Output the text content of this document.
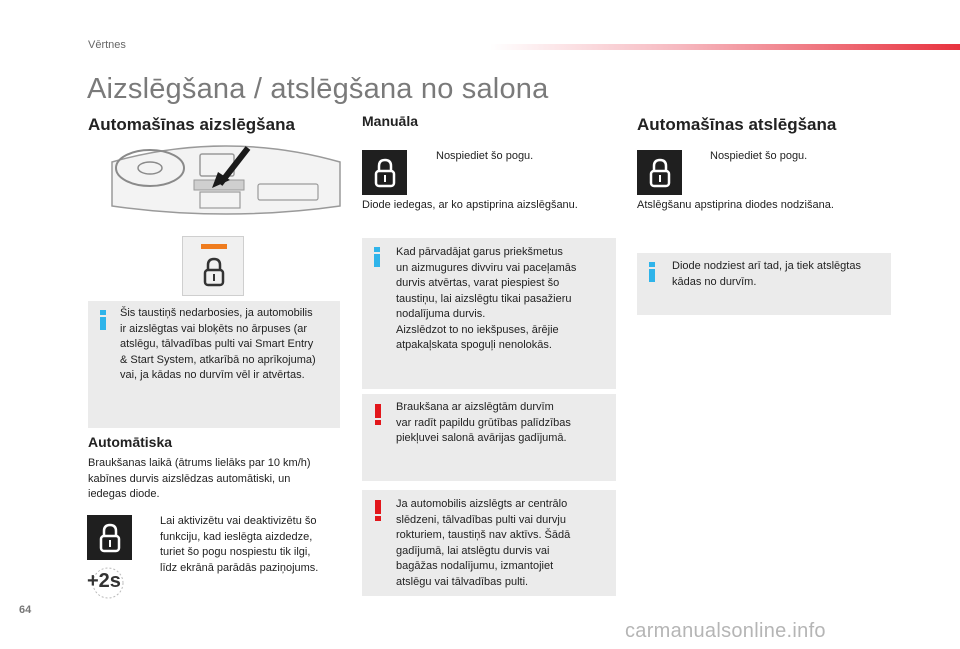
Vērtnes
Aizslēgšana / atslēgšana no salona
Automašīnas aizslēgšana
Šis taustiņš nedarbosies, ja automobilis
ir aizslēgtas vai bloķēts no ārpuses (ar
atslēgu, tālvadības pulti vai Smart Entry
& Start System, atkarībā no aprīkojuma)
vai, ja kādas no durvīm vēl ir atvērtas.
Automātiska
Braukšanas laikā (ātrums lielāks par 10 km/h)
kabīnes durvis aizslēdzas automātiski, un
iedegas diode.
Lai aktivizētu vai deaktivizētu šo
funkciju, kad ieslēgta aizdedze,
turiet šo pogu nospiestu tik ilgi,
līdz ekrānā parādās paziņojums.
+2s
Manuāla
Nospiediet šo pogu.
Diode iedegas, ar ko apstiprina aizslēgšanu.
Kad pārvadājat garus priekšmetus
un aizmugures divviru vai paceļamās
durvis atvērtas, varat piespiest šo
taustiņu, lai aizslēgtu tikai pasažieru
nodalījuma durvis.
Aizslēdzot to no iekšpuses, ārējie
atpakaļskata spoguļi nenolokās.
Braukšana ar aizslēgtām durvīm
var radīt papildu grūtības palīdzības
piekļuvei salonā avārijas gadījumā.
Ja automobilis aizslēgts ar centrālo
slēdzeni, tālvadības pulti vai durvju
rokturiem, taustiņš nav aktīvs. Šādā
gadījumā, lai atslēgtu durvis vai
bagāžas nodalījumu, izmantojiet
atslēgu vai tālvadības pulti.
Automašīnas atslēgšana
Nospiediet šo pogu.
Atslēgšanu apstiprina diodes nodzišana.
Diode nodziest arī tad, ja tiek atslēgtas
kādas no durvīm.
64
carmanualsonline.info
